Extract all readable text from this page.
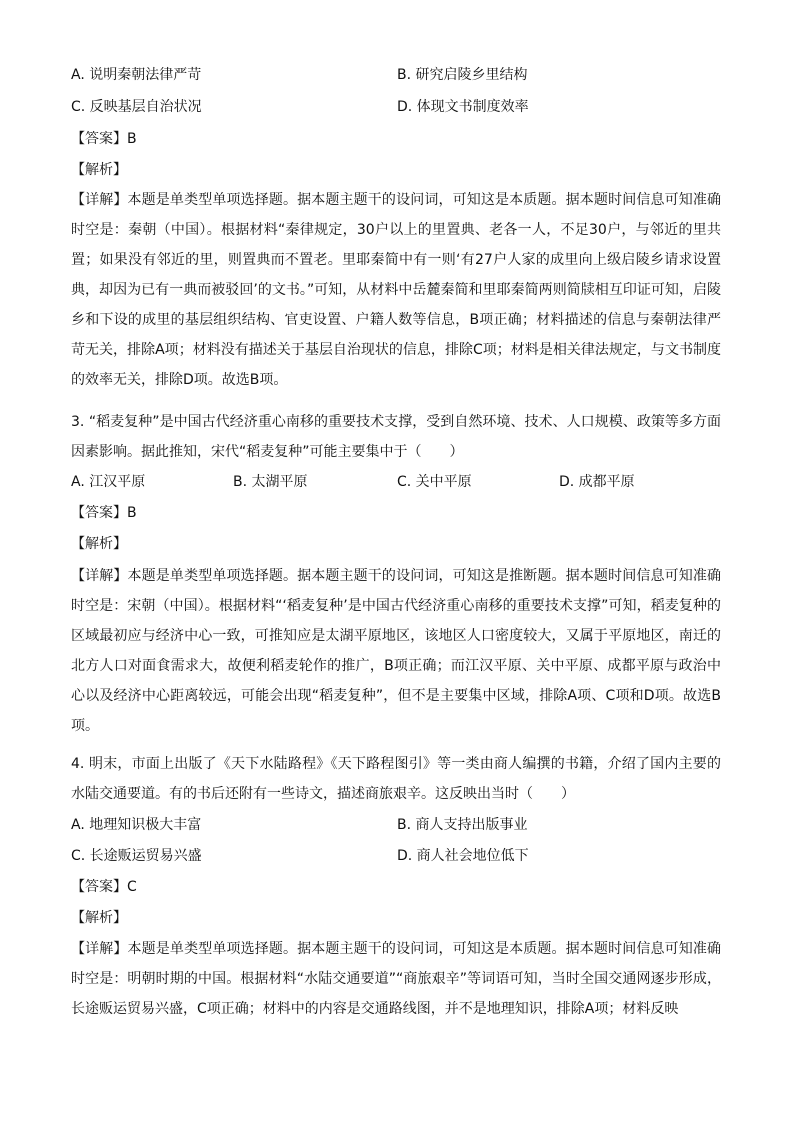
A. 说明秦朝法律严苛	B. 研究启陵乡里结构
C. 反映基层自治状况	D. 体现文书制度效率
【答案】B
【解析】

【详解】本题是单类型单项选择题。据本题主题干的设问词，可知这是本质题。据本题时间信息可知准确时空是：秦朝（中国）。根据材料“秦律规定，30户以上的里置典、老各一人，不足30户，与邻近的里共置；如果没有邻近的里，则置典而不置老。里耶秦简中有一则‘有27户人家的成里向上级启陵乡请求设置典，却因为已有一典而被驳回’的文书。”可知，从材料中岳麓秦简和里耶秦简两则简牍相互印证可知，启陵乡和下设的成里的基层组织结构、官吏设置、户籍人数等信息，B项正确；材料描述的信息与秦朝法律严苛无关，排除A项；材料没有描述关于基层自治现状的信息，排除C项；材料是相关律法规定，与文书制度的效率无关，排除D项。故选B项。

3. “稻麦复种”是中国古代经济重心南移的重要技术支撑，受到自然环境、技术、人口规模、政策等多方面因素影响。据此推知，宋代“稻麦复种”可能主要集中于（　　）

A. 江汉平原	B. 太湖平原	C. 关中平原	D. 成都平原
【答案】B
【解析】

【详解】本题是单类型单项选择题。据本题主题干的设问词，可知这是推断题。据本题时间信息可知准确时空是：宋朝（中国）。根据材料“‘稻麦复种’是中国古代经济重心南移的重要技术支撑”可知，稻麦复种的区域最初应与经济中心一致，可推知应是太湖平原地区，该地区人口密度较大，又属于平原地区，南迁的北方人口对面食需求大，故便利稻麦轮作的推广，B项正确；而江汉平原、关中平原、成都平原与政治中心以及经济中心距离较远，可能会出现“稻麦复种”，但不是主要集中区域，排除A项、C项和D项。故选B项。

4. 明末，市面上出版了《天下水陆路程》《天下路程图引》等一类由商人编撰的书籍，介绍了国内主要的水陆交通要道。有的书后还附有一些诗文，描述商旅艰辛。这反映出当时（　　）

A. 地理知识极大丰富	B. 商人支持出版事业
C. 长途贩运贸易兴盛	D. 商人社会地位低下
【答案】C
【解析】

【详解】本题是单类型单项选择题。据本题主题干的设问词，可知这是本质题。据本题时间信息可知准确时空是：明朝时期的中国。根据材料“水陆交通要道”“商旅艰辛”等词语可知，当时全国交通网逐步形成，长途贩运贸易兴盛，C项正确；材料中的内容是交通路线图，并不是地理知识，排除A项；材料反映
